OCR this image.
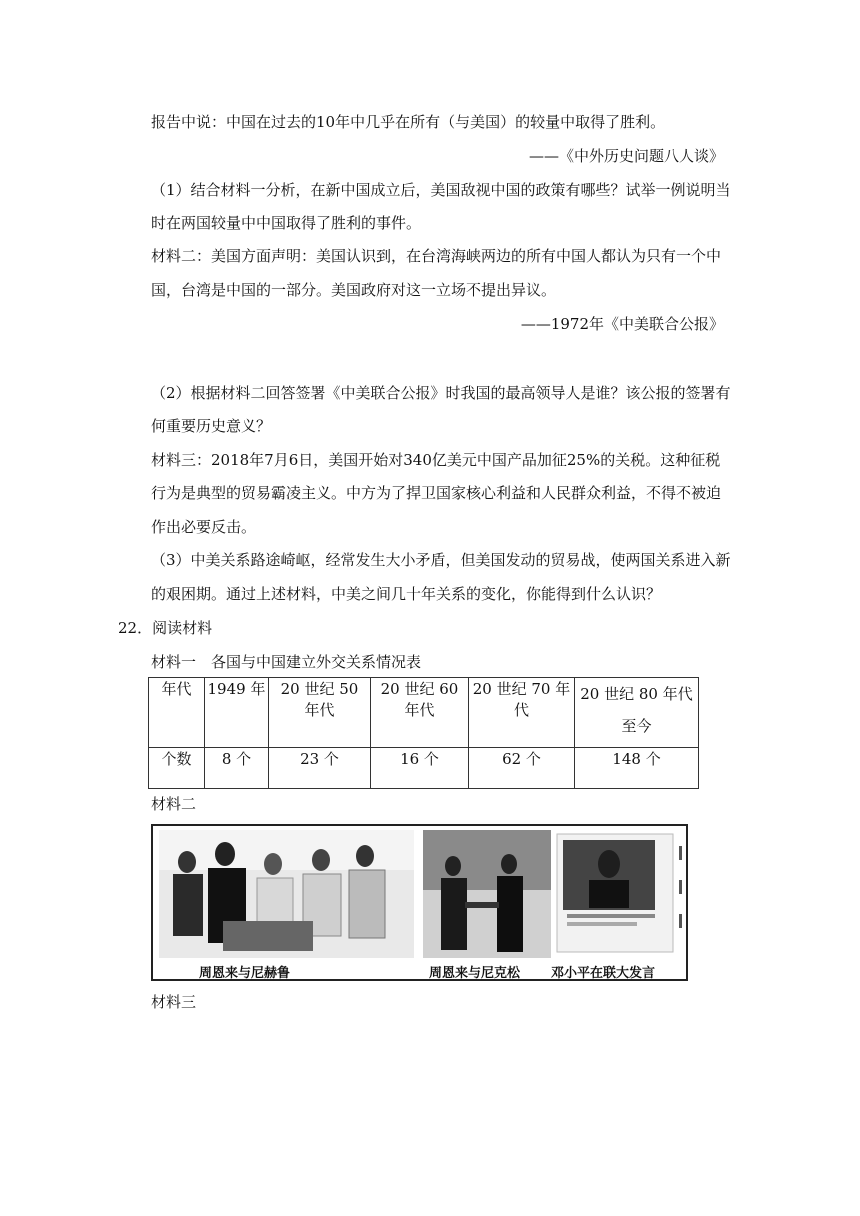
报告中说：中国在过去的10年中几乎在所有（与美国）的较量中取得了胜利。
——《中外历史问题八人谈》
（1）结合材料一分析，在新中国成立后，美国敌视中国的政策有哪些？试举一例说明当
时在两国较量中中国取得了胜利的事件。
材料二：美国方面声明：美国认识到，在台湾海峡两边的所有中国人都认为只有一个中
国，台湾是中国的一部分。美国政府对这一立场不提出异议。
——1972年《中美联合公报》
（2）根据材料二回答签署《中美联合公报》时我国的最高领导人是谁？该公报的签署有
何重要历史意义？
材料三：2018年7月6日，美国开始对340亿美元中国产品加征25%的关税。这种征税
行为是典型的贸易霸凌主义。中方为了捍卫国家核心利益和人民群众利益，不得不被迫
作出必要反击。
（3）中美关系路途崎岖，经常发生大小矛盾，但美国发动的贸易战，使两国关系进入新
的艰困期。通过上述材料，中美之间几十年关系的变化，你能得到什么认识？
22．阅读材料
材料一　各国与中国建立外交关系情况表
年代	1949 年	20 世纪 50 年代	20 世纪 60 年代	20 世纪 70 年代	20 世纪 80 年代至今
个数	8 个	23 个	16 个	62 个	148 个
材料二
周恩来与尼赫鲁	周恩来与尼克松 邓小平在联大发言
材料三
